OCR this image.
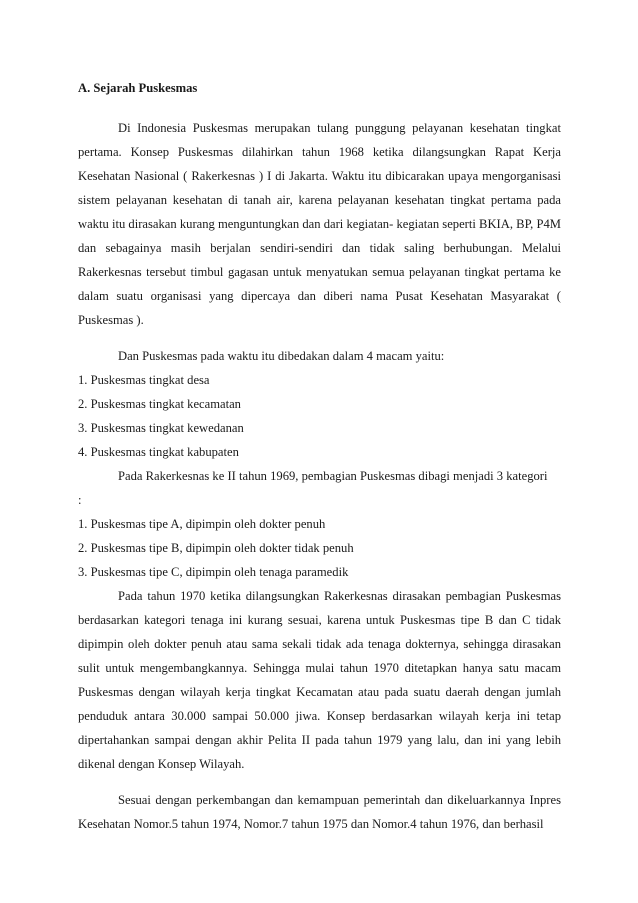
A. Sejarah Puskesmas

Di Indonesia Puskesmas merupakan tulang punggung pelayanan kesehatan tingkat pertama. Konsep Puskesmas dilahirkan tahun 1968 ketika dilangsungkan Rapat Kerja Kesehatan Nasional ( Rakerkesnas ) I di Jakarta. Waktu itu dibicarakan upaya mengorganisasi sistem pelayanan kesehatan di tanah air, karena pelayanan kesehatan tingkat pertama pada waktu itu dirasakan kurang menguntungkan dan dari kegiatan- kegiatan seperti BKIA, BP, P4M dan sebagainya masih berjalan sendiri-sendiri dan tidak saling berhubungan. Melalui Rakerkesnas tersebut timbul gagasan untuk menyatukan semua pelayanan tingkat pertama ke dalam suatu organisasi yang dipercaya dan diberi nama Pusat Kesehatan Masyarakat ( Puskesmas ).

Dan Puskesmas pada waktu itu dibedakan dalam 4 macam yaitu:

1. Puskesmas tingkat desa
2. Puskesmas tingkat kecamatan
3. Puskesmas tingkat kewedanan
4. Puskesmas tingkat kabupaten

Pada Rakerkesnas ke II tahun 1969, pembagian Puskesmas dibagi menjadi 3 kategori

:
1. Puskesmas tipe A, dipimpin oleh dokter penuh
2. Puskesmas tipe B, dipimpin oleh dokter tidak penuh
3. Puskesmas tipe C, dipimpin oleh tenaga paramedik

Pada tahun 1970 ketika dilangsungkan Rakerkesnas dirasakan pembagian Puskesmas berdasarkan kategori tenaga ini kurang sesuai, karena untuk Puskesmas tipe B dan C tidak dipimpin oleh dokter penuh atau sama sekali tidak ada tenaga dokternya, sehingga dirasakan sulit untuk mengembangkannya. Sehingga mulai tahun 1970 ditetapkan hanya satu macam Puskesmas dengan wilayah kerja tingkat Kecamatan atau pada suatu daerah dengan jumlah penduduk antara 30.000 sampai 50.000 jiwa. Konsep berdasarkan wilayah kerja ini tetap dipertahankan sampai dengan akhir Pelita II pada tahun 1979 yang lalu, dan ini yang lebih dikenal dengan Konsep Wilayah.

Sesuai dengan perkembangan dan kemampuan pemerintah dan dikeluarkannya Inpres Kesehatan Nomor.5 tahun 1974, Nomor.7 tahun 1975 dan Nomor.4 tahun 1976, dan berhasil
